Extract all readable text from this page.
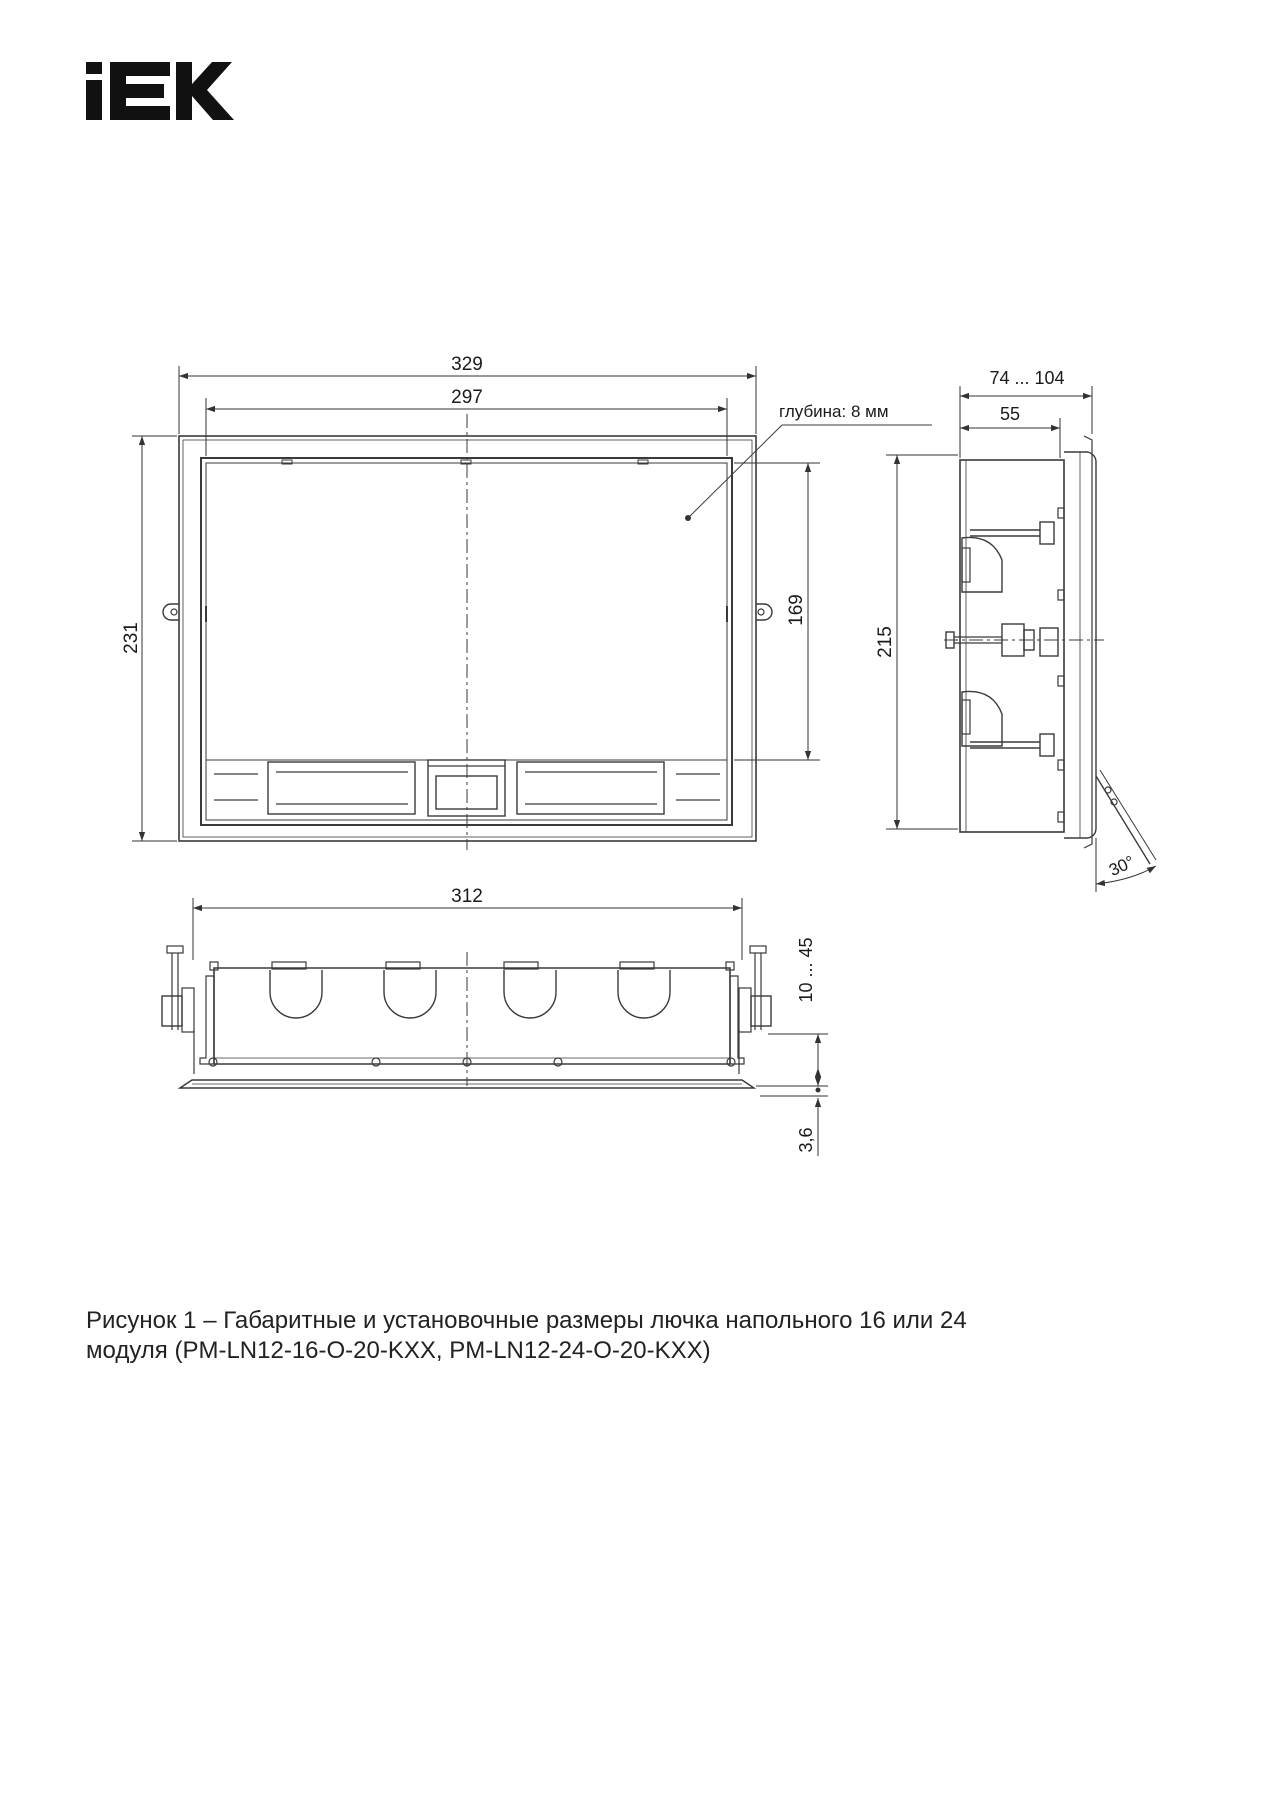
329
297
231
169
глубина: 8 мм
74 ... 104
55
215
30°
312
10 ... 45
3,6
Рисунок 1 – Габаритные и установочные размеры лючка напольного 16 или 24
модуля (PM-LN12-16-O-20-KXX, PM-LN12-24-O-20-KXX)
